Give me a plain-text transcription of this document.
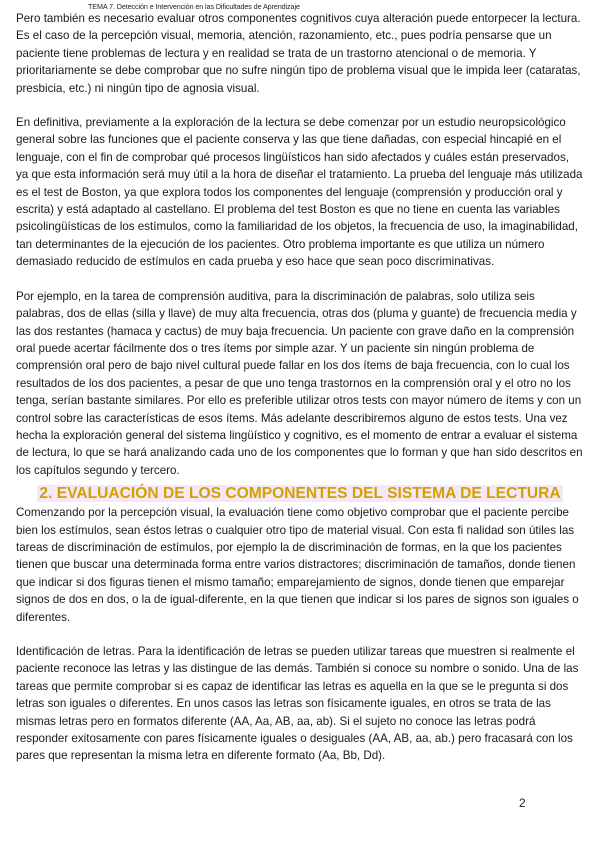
TEMA 7. Detección e Intervención en las Dificultades de Aprendizaje

Pero también es necesario evaluar otros componentes cognitivos cuya alteración puede entorpecer la lectura. Es el caso de la percepción visual, memoria, atención, razonamiento, etc., pues podría pensarse que un paciente tiene problemas de lectura y en realidad se trata de un trastorno atencional o de memoria. Y prioritariamente se debe comprobar que no sufre ningún tipo de problema visual que le impida leer (cataratas, presbicia, etc.) ni ningún tipo de agnosia visual.

En definitiva, previamente a la exploración de la lectura se debe comenzar por un estudio neuropsicológico general sobre las funciones que el paciente conserva y las que tiene dañadas, con especial hincapié en el lenguaje, con el fin de comprobar qué procesos lingüísticos han sido afectados y cuáles están preservados, ya que esta información será muy útil a la hora de diseñar el tratamiento. La prueba del lenguaje más utilizada es el test de Boston, ya que explora todos los componentes del lenguaje (comprensión y producción oral y escrita) y está adaptado al castellano. El problema del test Boston es que no tiene en cuenta las variables psicolingüísticas de los estímulos, como la familiaridad de los objetos, la frecuencia de uso, la imaginabilidad, tan determinantes de la ejecución de los pacientes. Otro problema importante es que utiliza un número demasiado reducido de estímulos en cada prueba y eso hace que sean poco discriminativas.

Por ejemplo, en la tarea de comprensión auditiva, para la discriminación de palabras, solo utiliza seis palabras, dos de ellas (silla y llave) de muy alta frecuencia, otras dos (pluma y guante) de frecuencia media y las dos restantes (hamaca y cactus) de muy baja frecuencia. Un paciente con grave daño en la comprensión oral puede acertar fácilmente dos o tres ítems por simple azar. Y un paciente sin ningún problema de comprensión oral pero de bajo nivel cultural puede fallar en los dos ítems de baja frecuencia, con lo cual los resultados de los dos pacientes, a pesar de que uno tenga trastornos en la comprensión oral y el otro no los tenga, serían bastante similares. Por ello es preferible utilizar otros tests con mayor número de ítems y con un control sobre las características de esos ítems. Más adelante describiremos alguno de estos tests. Una vez hecha la exploración general del sistema lingüístico y cognitivo, es el momento de entrar a evaluar el sistema de lectura, lo que se hará analizando cada uno de los componentes que lo forman y que han sido descritos en los capítulos segundo y tercero.

2. EVALUACIÓN DE LOS COMPONENTES DEL SISTEMA DE LECTURA

Comenzando por la percepción visual, la evaluación tiene como objetivo comprobar que el paciente percibe bien los estímulos, sean éstos letras o cualquier otro tipo de material visual. Con esta fi nalidad son útiles las tareas de discriminación de estímulos, por ejemplo la de discriminación de formas, en la que los pacientes tienen que buscar una determinada forma entre varios distractores; discriminación de tamaños, donde tienen que indicar si dos figuras tienen el mismo tamaño; emparejamiento de signos, donde tienen que emparejar signos de dos en dos, o la de igual-diferente, en la que tienen que indicar si los pares de signos son iguales o diferentes.

Identificación de letras. Para la identificación de letras se pueden utilizar tareas que muestren si realmente el paciente reconoce las letras y las distingue de las demás. También si conoce su nombre o sonido. Una de las tareas que permite comprobar si es capaz de identificar las letras es aquella en la que se le pregunta si dos letras son iguales o diferentes. En unos casos las letras son físicamente iguales, en otros se trata de las mismas letras pero en formatos diferente (AA, Aa, AB, aa, ab). Si el sujeto no conoce las letras podrá responder exitosamente con pares físicamente iguales o desiguales (AA, AB, aa, ab.) pero fracasará con los pares que representan la misma letra en diferente formato (Aa, Bb, Dd).

2
